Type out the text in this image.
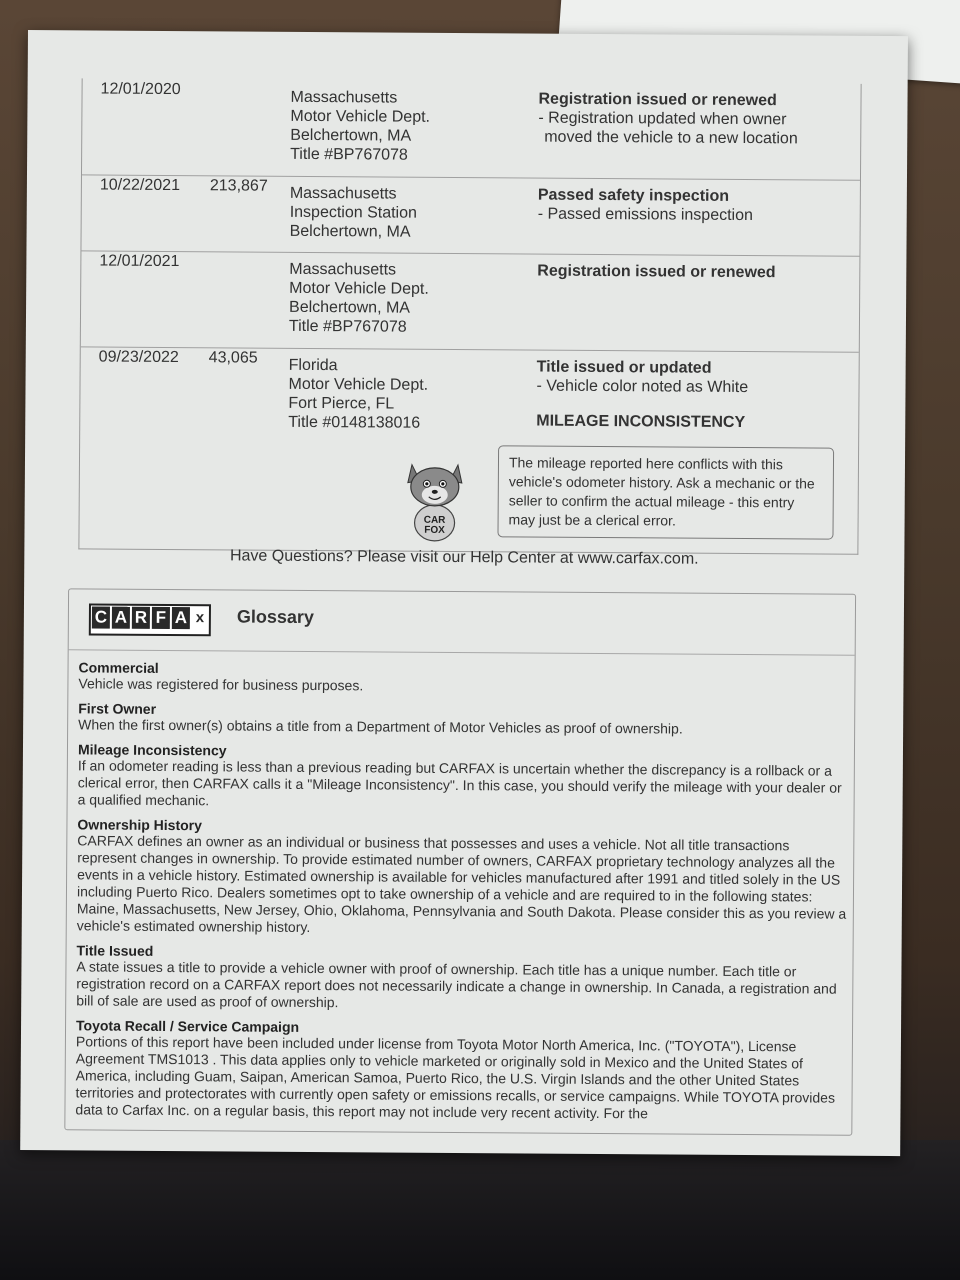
12/01/2020	Massachusetts
Motor Vehicle Dept.
Belchertown, MA
Title #BP767078
Registration issued or renewed
- Registration updated when owner
moved the vehicle to a new location
10/22/2021 213,867 Massachusetts
Inspection Station
Belchertown, MA
Passed safety inspection
- Passed emissions inspection
12/01/2021	Massachusetts
Motor Vehicle Dept.
Belchertown, MA
Title #BP767078
Registration issued or renewed
09/23/2022 43,065 Florida
Motor Vehicle Dept.
Fort Pierce, FL
Title #0148138016
Title issued or updated
- Vehicle color noted as White
MILEAGE INCONSISTENCY
The mileage reported here conflicts with this vehicle's odometer history. Ask a mechanic or the seller to confirm the actual mileage - this entry may just be a clerical error.
CAR
FOX
Have Questions? Please visit our Help Center at www.carfax.com.
C A R F A x Glossary
Commercial
Vehicle was registered for business purposes.
First Owner
When the first owner(s) obtains a title from a Department of Motor Vehicles as proof of ownership.
Mileage Inconsistency
If an odometer reading is less than a previous reading but CARFAX is uncertain whether the discrepancy is a rollback or a clerical error, then CARFAX calls it a "Mileage Inconsistency". In this case, you should verify the mileage with your dealer or a qualified mechanic.
Ownership History
CARFAX defines an owner as an individual or business that possesses and uses a vehicle. Not all title transactions represent changes in ownership. To provide estimated number of owners, CARFAX proprietary technology analyzes all the events in a vehicle history. Estimated ownership is available for vehicles manufactured after 1991 and titled solely in the US including Puerto Rico. Dealers sometimes opt to take ownership of a vehicle and are required to in the following states: Maine, Massachusetts, New Jersey, Ohio, Oklahoma, Pennsylvania and South Dakota. Please consider this as you review a vehicle's estimated ownership history.
Title Issued
A state issues a title to provide a vehicle owner with proof of ownership. Each title has a unique number. Each title or registration record on a CARFAX report does not necessarily indicate a change in ownership. In Canada, a registration and bill of sale are used as proof of ownership.
Toyota Recall / Service Campaign
Portions of this report have been included under license from Toyota Motor North America, Inc. ("TOYOTA"), License Agreement TMS1013 . This data applies only to vehicle marketed or originally sold in Mexico and the United States of America, including Guam, Saipan, American Samoa, Puerto Rico, the U.S. Virgin Islands and the other United States territories and protectorates with currently open safety or emissions recalls, or service campaigns. While TOYOTA provides data to Carfax Inc. on a regular basis, this report may not include very recent activity. For the
